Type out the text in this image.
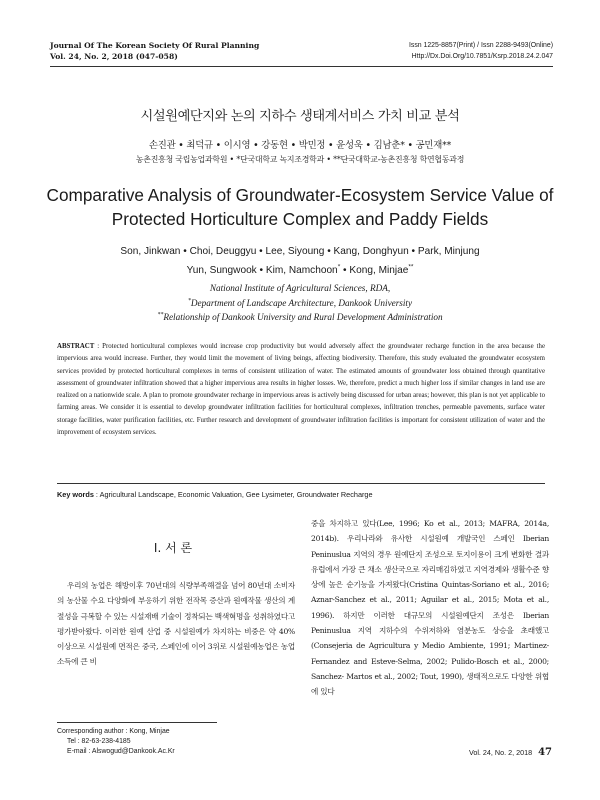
Journal Of The Korean Society Of Rural Planning
Vol. 24, No. 2, 2018 (047-058)
Issn 1225-8857(Print) / Issn 2288-9493(Online)
Http://Dx.Doi.Org/10.7851/Ksrp.2018.24.2.047
시설원예단지와 논의 지하수 생태계서비스 가치 비교 분석
손진관 • 최덕규 • 이시영 • 강동현 • 박민정 • 윤성욱 • 김남춘* • 공민재**
농촌진흥청 국립농업과학원 • *단국대학교 녹지조경학과 • **단국대학교-농촌진흥청 학연협동과정
Comparative Analysis of Groundwater-Ecosystem Service Value of
Protected Horticulture Complex and Paddy Fields
Son, Jinkwan • Choi, Deuggyu • Lee, Siyoung • Kang, Donghyun • Park, Minjung
Yun, Sungwook • Kim, Namchoon* • Kong, Minjae**
National Institute of Agricultural Sciences, RDA,
*Department of Landscape Architecture, Dankook University
**Relationship of Dankook University and Rural Development Administration
ABSTRACT : Protected horticultural complexes would increase crop productivity but would adversely affect the groundwater recharge function in the area because the impervious area would increase. Further, they would limit the movement of living beings, affecting biodiversity. Therefore, this study evaluated the groundwater ecosystem services provided by protected horticultural complexes in terms of consistent utilization of water. The estimated amounts of groundwater loss obtained through quantitative assessment of groundwater infiltration showed that a higher impervious area results in higher losses. We, therefore, predict a much higher loss if similar changes in land use are realized on a nationwide scale. A plan to promote groundwater recharge in impervious areas is actively being discussed for urban areas; however, this plan is not yet applicable to farming areas. We consider it is essential to develop groundwater infiltration facilities for horticultural complexes, infiltration trenches, permeable pavements, surface water storage facilities, water purification facilities, etc. Further research and development of groundwater infiltration facilities is important for consistent utilization of water and the improvement of ecosystem services.
Key words : Agricultural Landscape, Economic Valuation, Gee Lysimeter, Groundwater Recharge
Ⅰ. 서 론
우리의 농업은 해방이후 70년대의 식량부족해결을 넘어 80년대 소비자의 농산물 수요 다양화에 부응하기 위한 전작목 증산과 원예작물 생산의 계절성을 극복할 수 있는 시설재배 기술이 정착되는 백색혁명을 성취하였다고 평가받아왔다. 이러한 원예 산업 중 시설원예가 차지하는 비중은 약 40% 이상으로 시설원예 면적은 중국, 스페인에 이어 3위로 시설원예농업은 농업 소득에 큰 비
중을 차지하고 있다(Lee, 1996; Ko et al., 2013; MAFRA, 2014a, 2014b). 우리나라와 유사한 시설원예 개발국인 스페인 Iberian Peninuslua 지역의 경우 원예단지 조성으로 토지이용이 크게 변화한 결과 유럽에서 가장 큰 채소 생산국으로 자리매김하였고 지역경제와 생활수준 향상에 높은 순기능을 가져왔다(Cristina Quintas-Soriano et al., 2016; Aznar-Sanchez et al., 2011; Aguilar et al., 2015; Mota et al., 1996). 하지만 이러한 대규모의 시설원예단지 조성은 Iberian Peninuslua 지역 지하수의 수위저하와 염분농도 상승을 초래했고(Consejeria de Agricultura y Medio Ambiente, 1991; Martinez-Fernandez and Esteve-Selma, 2002; Pulido-Bosch et al., 2000; Sanchez- Martos et al., 2002; Tout, 1990), 생태적으로도 다양한 위협에 있다
Corresponding author : Kong, Minjae
Tel : 82-63-238-4185
E-mail : Alswogud@Dankook.Ac.Kr	Vol. 24, No. 2, 2018 47
